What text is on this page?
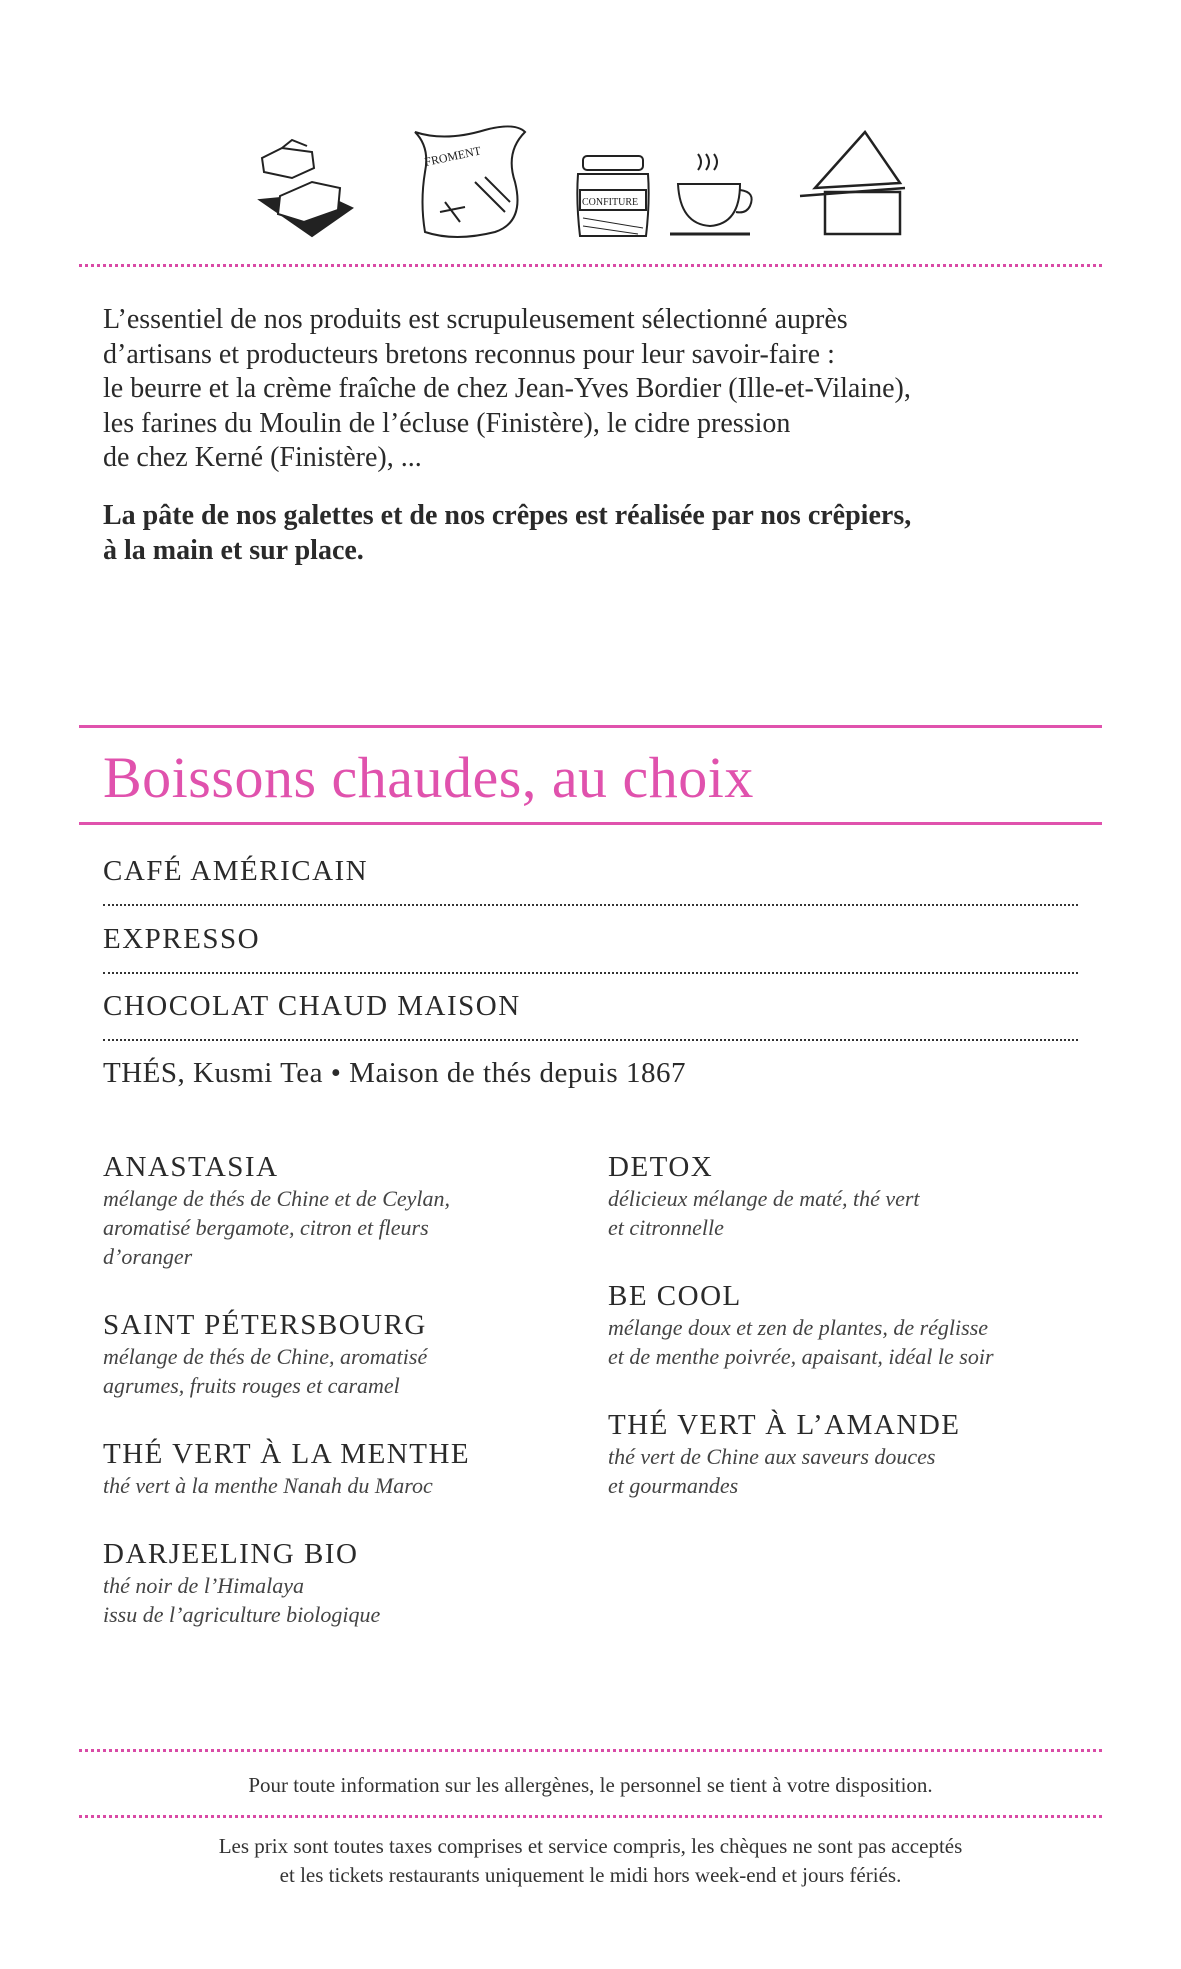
FROMENT
CONFITURE

L’essentiel de nos produits est scrupuleusement sélectionné auprès

d’artisans et producteurs bretons reconnus pour leur savoir-faire :

le beurre et la crème fraîche de chez Jean-Yves Bordier (Ille-et-Vilaine),

les farines du Moulin de l’écluse (Finistère), le cidre pression

de chez Kerné (Finistère), ...

La pâte de nos galettes et de nos crêpes est réalisée par nos crêpiers,
à la main et sur place.
Boissons chaudes, au choix
CAFÉ AMÉRICAIN
EXPRESSO
CHOCOLAT CHAUD MAISON
THÉS, Kusmi Tea • Maison de thés depuis 1867
ANASTASIA
mélange de thés de Chine et de Ceylan,
aromatisé bergamote, citron et fleurs
d’oranger
SAINT PÉTERSBOURG
mélange de thés de Chine, aromatisé
agrumes, fruits rouges et caramel
THÉ VERT À LA MENTHE
thé vert à la menthe Nanah du Maroc
DARJEELING BIO
thé noir de l’Himalaya
issu de l’agriculture biologique
DETOX
délicieux mélange de maté, thé vert
et citronnelle
BE COOL
mélange doux et zen de plantes, de réglisse
et de menthe poivrée, apaisant, idéal le soir
THÉ VERT À L’AMANDE
thé vert de Chine aux saveurs douces
et gourmandes
Pour toute information sur les allergènes, le personnel se tient à votre disposition.
Les prix sont toutes taxes comprises et service compris, les chèques ne sont pas acceptés
et les tickets restaurants uniquement le midi hors week-end et jours fériés.
